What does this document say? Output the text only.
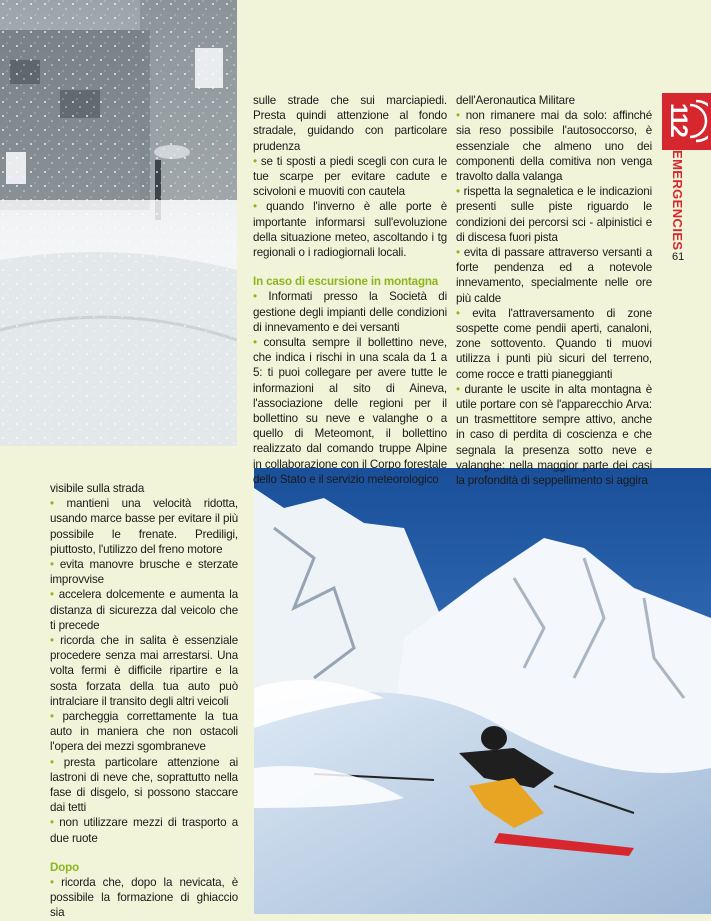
112
EMERGENCIES
61

sulle strade che sui marciapiedi. Presta quindi attenzione al fondo stradale, guidando con particolare prudenza

• se ti sposti a piedi scegli con cura le tue scarpe per evitare cadute e scivoloni e muoviti con cautela

• quando l'inverno è alle porte è importante informarsi sull'evoluzione della situazione meteo, ascoltando i tg regionali o i radiogiornali locali.

In caso di escursione in montagna

• Informati presso la Società di gestione degli impianti delle condizioni di innevamento e dei versanti

• consulta sempre il bollettino neve, che indica i rischi in una scala da 1 a 5: ti puoi collegare per avere tutte le informazioni al sito di Aineva, l'associazione delle regioni per il bollettino su neve e valanghe o a quello di Meteomont, il bollettino realizzato dal comando truppe Alpine in collaborazione con il Corpo forestale dello Stato e il servizio meteorologico

dell'Aeronautica Militare

• non rimanere mai da solo: affinché sia reso possibile l'autosoccorso, è essenziale che almeno uno dei componenti della comitiva non venga travolto dalla valanga

• rispetta la segnaletica e le indicazioni presenti sulle piste riguardo le condizioni dei percorsi sci - alpinistici e di discesa fuori pista

• evita di passare attraverso versanti a forte pendenza ed a notevole innevamento, specialmente nelle ore più calde

• evita l'attraversamento di zone sospette come pendii aperti, canaloni, zone sottovento. Quando ti muovi utilizza i punti più sicuri del terreno, come rocce e tratti pianeggianti

• durante le uscite in alta montagna è utile portare con sè l'apparecchio Arva: un trasmettitore sempre attivo, anche in caso di perdita di coscienza e che segnala la presenza sotto neve e valanghe: nella maggior parte dei casi la profondità di seppellimento si aggira

visibile sulla strada

• mantieni una velocità ridotta, usando marce basse per evitare il più possibile le frenate. Prediligi, piuttosto, l'utilizzo del freno motore

• evita manovre brusche e sterzate improvvise

• accelera dolcemente e aumenta la distanza di sicurezza dal veicolo che ti precede

• ricorda che in salita è essenziale procedere senza mai arrestarsi. Una volta fermi è difficile ripartire e la sosta forzata della tua auto può intralciare il transito degli altri veicoli

• parcheggia correttamente la tua auto in maniera che non ostacoli l'opera dei mezzi sgombraneve

• presta particolare attenzione ai lastroni di neve che, soprattutto nella fase di disgelo, si possono staccare dai tetti

• non utilizzare mezzi di trasporto a due ruote

Dopo

• ricorda che, dopo la nevicata, è possibile la formazione di ghiaccio sia
